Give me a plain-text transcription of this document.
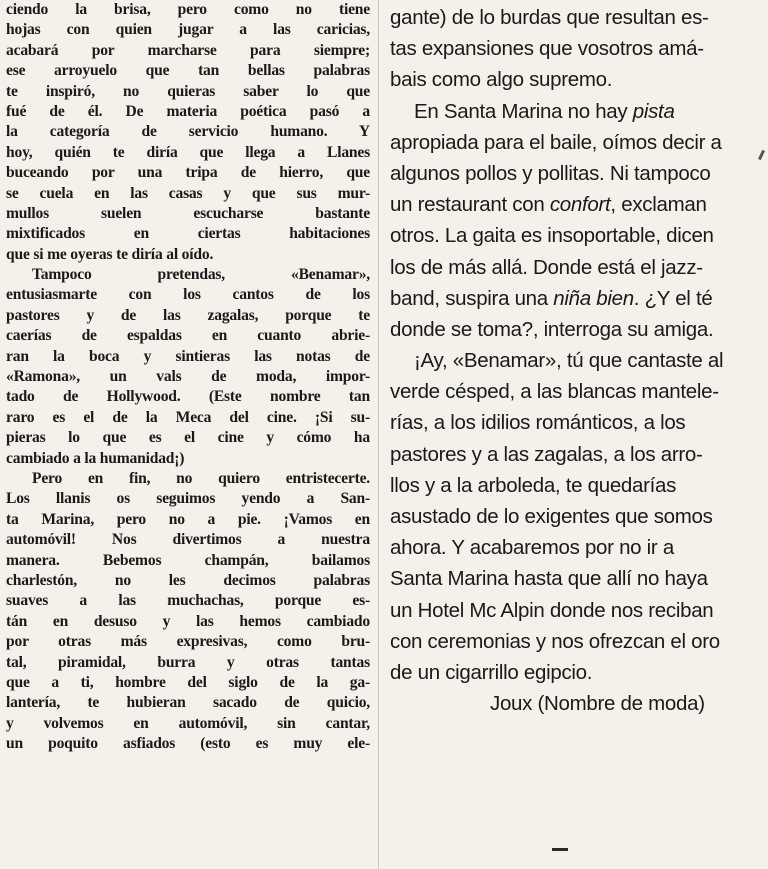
ciendo la brisa, pero como no tiene
hojas con quien jugar a las caricias,
acabará por marcharse para siempre;
ese arroyuelo que tan bellas palabras
te inspiró, no quieras saber lo que
fué de él. De materia poética pasó a
la categoría de servicio humano. Y
hoy, quién te diría que llega a Llanes
buceando por una tripa de hierro, que
se cuela en las casas y que sus mur-
mullos suelen escucharse bastante
mixtificados en ciertas habitaciones
que si me oyeras te diría al oído.
Tampoco pretendas, «Benamar»,
entusiasmarte con los cantos de los
pastores y de las zagalas, porque te
caerías de espaldas en cuanto abrie-
ran la boca y sintieras las notas de
«Ramona», un vals de moda, impor-
tado de Hollywood. (Este nombre tan
raro es el de la Meca del cine. ¡Si su-
pieras lo que es el cine y cómo ha
cambiado a la humanidad¡)
Pero en fin, no quiero entristecerte.
Los llanis os seguimos yendo a San-
ta Marina, pero no a pie. ¡Vamos en
automóvil! Nos divertimos a nuestra
manera. Bebemos champán, bailamos
charlestón, no les decimos palabras
suaves a las muchachas, porque es-
tán en desuso y las hemos cambiado
por otras más expresivas, como bru-
tal, piramidal, burra y otras tantas
que a ti, hombre del siglo de la ga-
lantería, te hubieran sacado de quicio,
y volvemos en automóvil, sin cantar,
un poquito asfiados (esto es muy ele-
gante) de lo burdas que resultan es-
tas expansiones que vosotros amá-
bais como algo supremo.
En Santa Marina no hay pista
apropiada para el baile, oímos decir a
algunos pollos y pollitas. Ni tampoco
un restaurant con confort, exclaman
otros. La gaita es insoportable, dicen
los de más allá. Donde está el jazz-
band, suspira una niña bien. ¿Y el té
donde se toma?, interroga su amiga.
¡Ay, «Benamar», tú que cantaste al
verde césped, a las blancas mantele-
rías, a los idilios románticos, a los
pastores y a las zagalas, a los arro-
llos y a la arboleda, te quedarías
asustado de lo exigentes que somos
ahora. Y acabaremos por no ir a
Santa Marina hasta que allí no haya
un Hotel Mc Alpin donde nos reciban
con ceremonias y nos ofrezcan el oro
de un cigarrillo egipcio.
Joux (Nombre de moda)
